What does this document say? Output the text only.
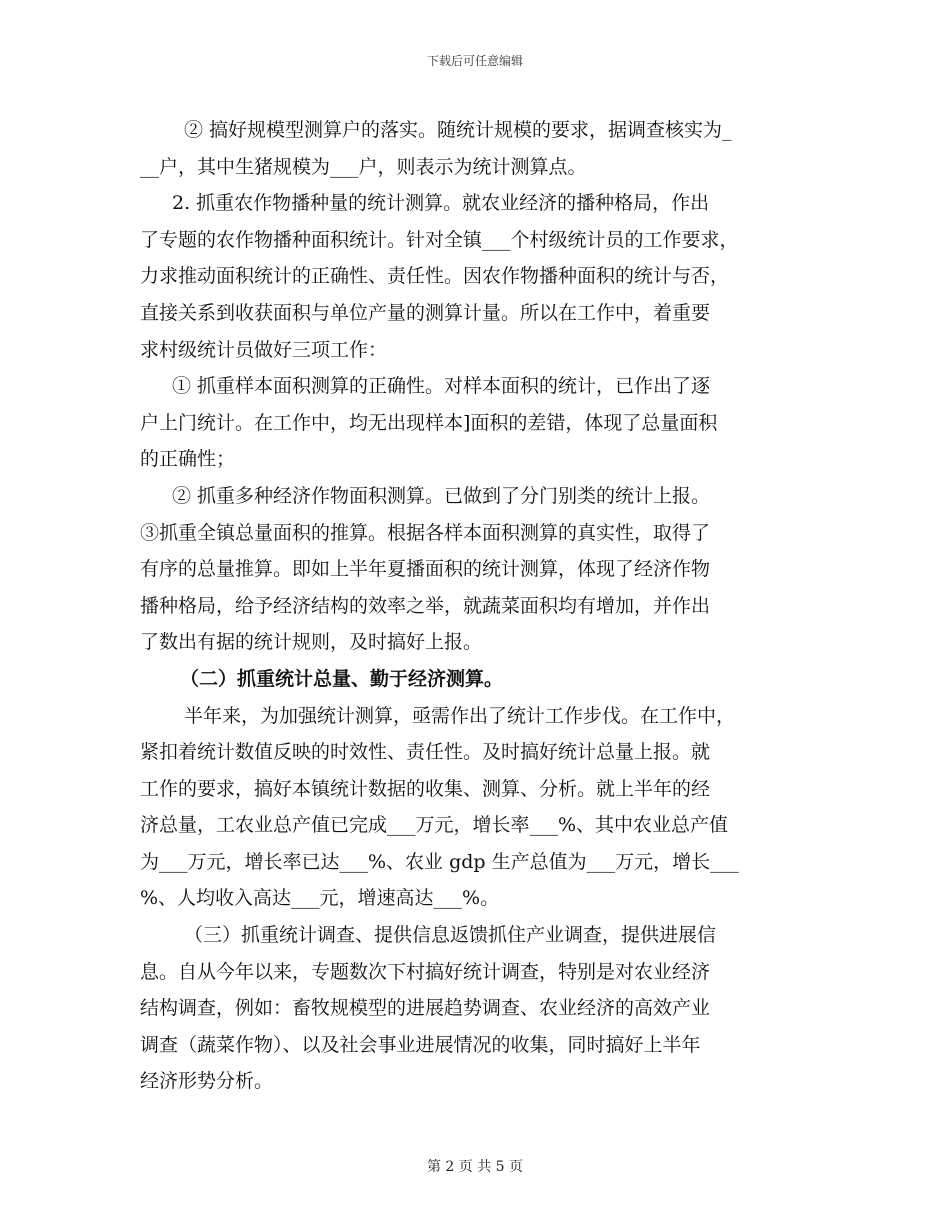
下载后可任意编辑
② 搞好规模型测算户的落实。随统计规模的要求，据调查核实为_
__户，其中生猪规模为___户，则表示为统计测算点。
2. 抓重农作物播种量的统计测算。就农业经济的播种格局，作出
了专题的农作物播种面积统计。针对全镇___个村级统计员的工作要求，
力求推动面积统计的正确性、责任性。因农作物播种面积的统计与否，
直接关系到收获面积与单位产量的测算计量。所以在工作中，着重要
求村级统计员做好三项工作：
① 抓重样本面积测算的正确性。对样本面积的统计，已作出了逐
户上门统计。在工作中，均无出现样本]面积的差错，体现了总量面积
的正确性；
② 抓重多种经济作物面积测算。已做到了分门别类的统计上报。
③抓重全镇总量面积的推算。根据各样本面积测算的真实性，取得了
有序的总量推算。即如上半年夏播面积的统计测算，体现了经济作物
播种格局，给予经济结构的效率之举，就蔬菜面积均有增加，并作出
了数出有据的统计规则，及时搞好上报。
（二）抓重统计总量、勤于经济测算。
半年来，为加强统计测算，亟需作出了统计工作步伐。在工作中，
紧扣着统计数值反映的时效性、责任性。及时搞好统计总量上报。就
工作的要求，搞好本镇统计数据的收集、测算、分析。就上半年的经
济总量，工农业总产值已完成___万元，增长率___%、其中农业总产值
为___万元，增长率已达___%、农业 gdp 生产总值为___万元，增长___
%、人均收入高达___元，增速高达___%。
（三）抓重统计调查、提供信息返馈抓住产业调查，提供进展信
息。自从今年以来，专题数次下村搞好统计调查，特别是对农业经济
结构调查，例如：畜牧规模型的进展趋势调查、农业经济的高效产业
调查（蔬菜作物）、以及社会事业进展情况的收集，同时搞好上半年
经济形势分析。
第 2 页 共 5 页
